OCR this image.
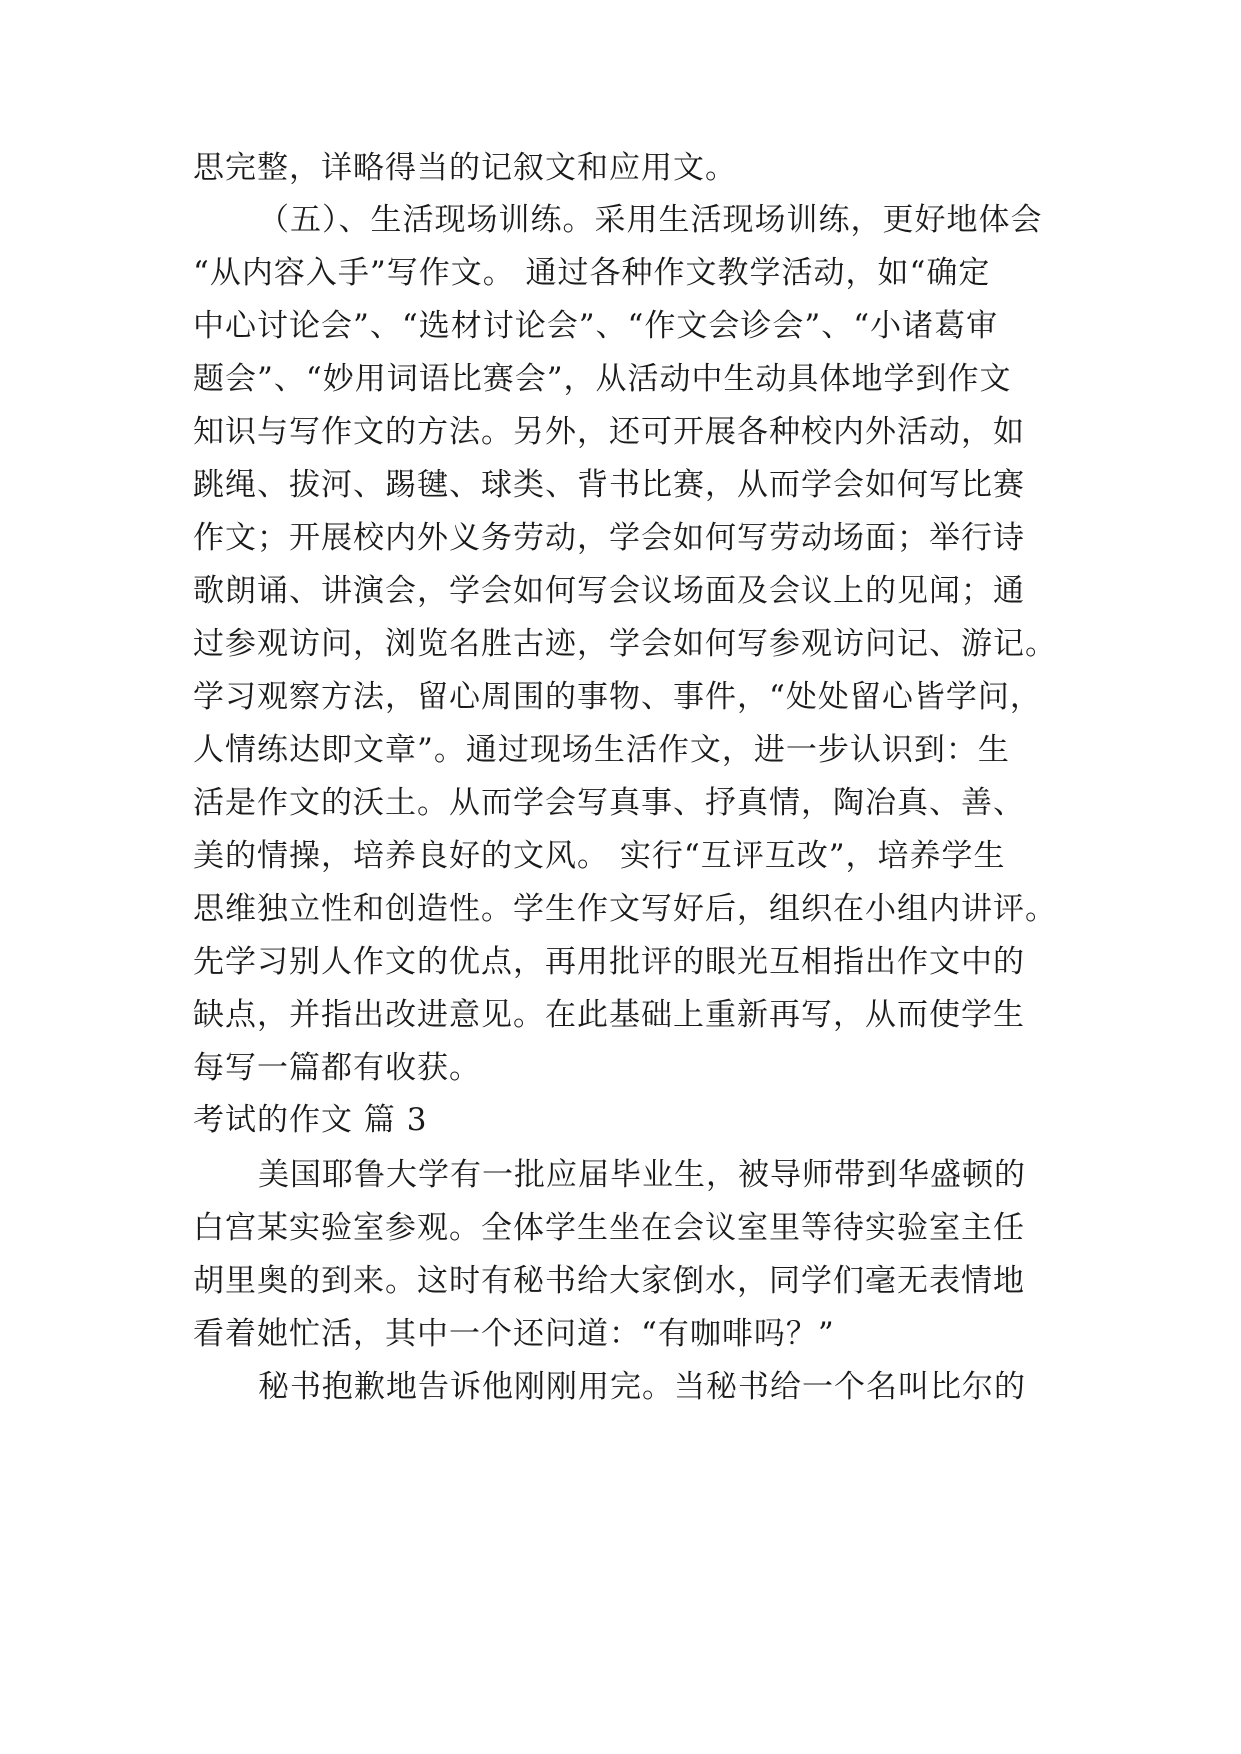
思完整，详略得当的记叙文和应用文。
（五）、生活现场训练。采用生活现场训练，更好地体会
“从内容入手”写作文。 通过各种作文教学活动，如“确定
中心讨论会”、“选材讨论会”、“作文会诊会”、“小诸葛审
题会”、“妙用词语比赛会”，从活动中生动具体地学到作文
知识与写作文的方法。另外，还可开展各种校内外活动，如
跳绳、拔河、踢毽、球类、背书比赛，从而学会如何写比赛
作文；开展校内外义务劳动，学会如何写劳动场面；举行诗
歌朗诵、讲演会，学会如何写会议场面及会议上的见闻；通
过参观访问，浏览名胜古迹，学会如何写参观访问记、游记。
学习观察方法，留心周围的事物、事件，“处处留心皆学问，
人情练达即文章”。通过现场生活作文，进一步认识到：生
活是作文的沃土。从而学会写真事、抒真情，陶冶真、善、
美的情操，培养良好的文风。 实行“互评互改”，培养学生
思维独立性和创造性。学生作文写好后，组织在小组内讲评。
先学习别人作文的优点，再用批评的眼光互相指出作文中的
缺点，并指出改进意见。在此基础上重新再写，从而使学生
每写一篇都有收获。
考试的作文 篇 3
美国耶鲁大学有一批应届毕业生，被导师带到华盛顿的
白宫某实验室参观。全体学生坐在会议室里等待实验室主任
胡里奥的到来。这时有秘书给大家倒水，同学们毫无表情地
看着她忙活，其中一个还问道：“有咖啡吗？”
秘书抱歉地告诉他刚刚用完。当秘书给一个名叫比尔的
